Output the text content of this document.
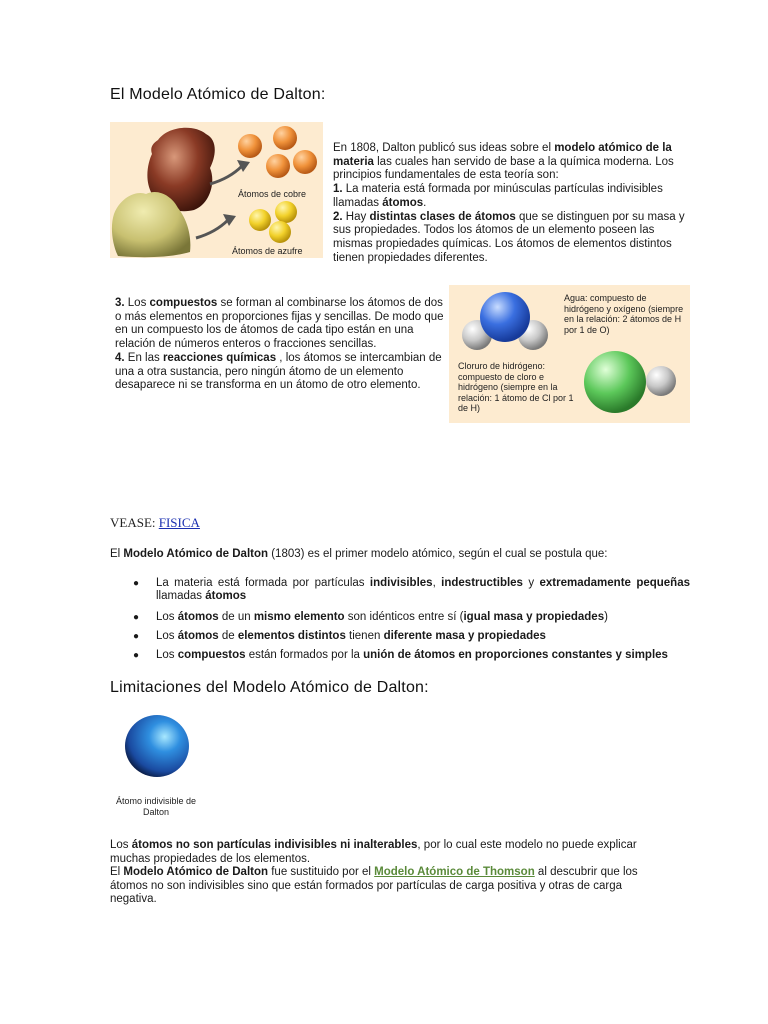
El Modelo Atómico de Dalton:
Átomos de cobre
Átomos de azufre
En 1808, Dalton publicó sus ideas sobre el modelo atómico de la materia las cuales han servido de base a la química moderna. Los principios fundamentales de esta teoría son:
1. La materia está formada por minúsculas partículas indivisibles llamadas átomos.
2. Hay distintas clases de átomos que se distinguen por su masa y sus propiedades. Todos los átomos de un elemento poseen las mismas propiedades químicas. Los átomos de elementos distintos tienen propiedades diferentes.
3. Los compuestos se forman al combinarse los átomos de dos o más elementos en proporciones fijas y sencillas. De modo que en un compuesto los de átomos de cada tipo están en una relación de números enteros o fracciones sencillas.
4. En las reacciones químicas , los átomos se intercambian de una a otra sustancia, pero ningún átomo de un elemento desaparece ni se transforma en un átomo de otro elemento.
Agua: compuesto de hidrógeno y oxígeno (siempre en la relación: 2 átomos de H por 1 de O)
Cloruro de hidrógeno: compuesto de cloro e hidrógeno (siempre en la relación: 1 átomo de Cl por 1 de H)
VEASE: FISICA
El Modelo Atómico de Dalton (1803) es el primer modelo atómico, según el cual se postula que:
● La materia está formada por partículas indivisibles, indestructibles y extremadamente pequeñas llamadas átomos
● Los átomos de un mismo elemento son idénticos entre sí (igual masa y propiedades)
● Los átomos de elementos distintos tienen diferente masa y propiedades
● Los compuestos están formados por la unión de átomos en proporciones constantes y simples
Limitaciones del Modelo Atómico de Dalton:
Átomo indivisible de Dalton
Los átomos no son partículas indivisibles ni inalterables, por lo cual este modelo no puede explicar muchas propiedades de los elementos.
El Modelo Atómico de Dalton fue sustituido por el Modelo Atómico de Thomson al descubrir que los átomos no son indivisibles sino que están formados por partículas de carga positiva y otras de carga negativa.
